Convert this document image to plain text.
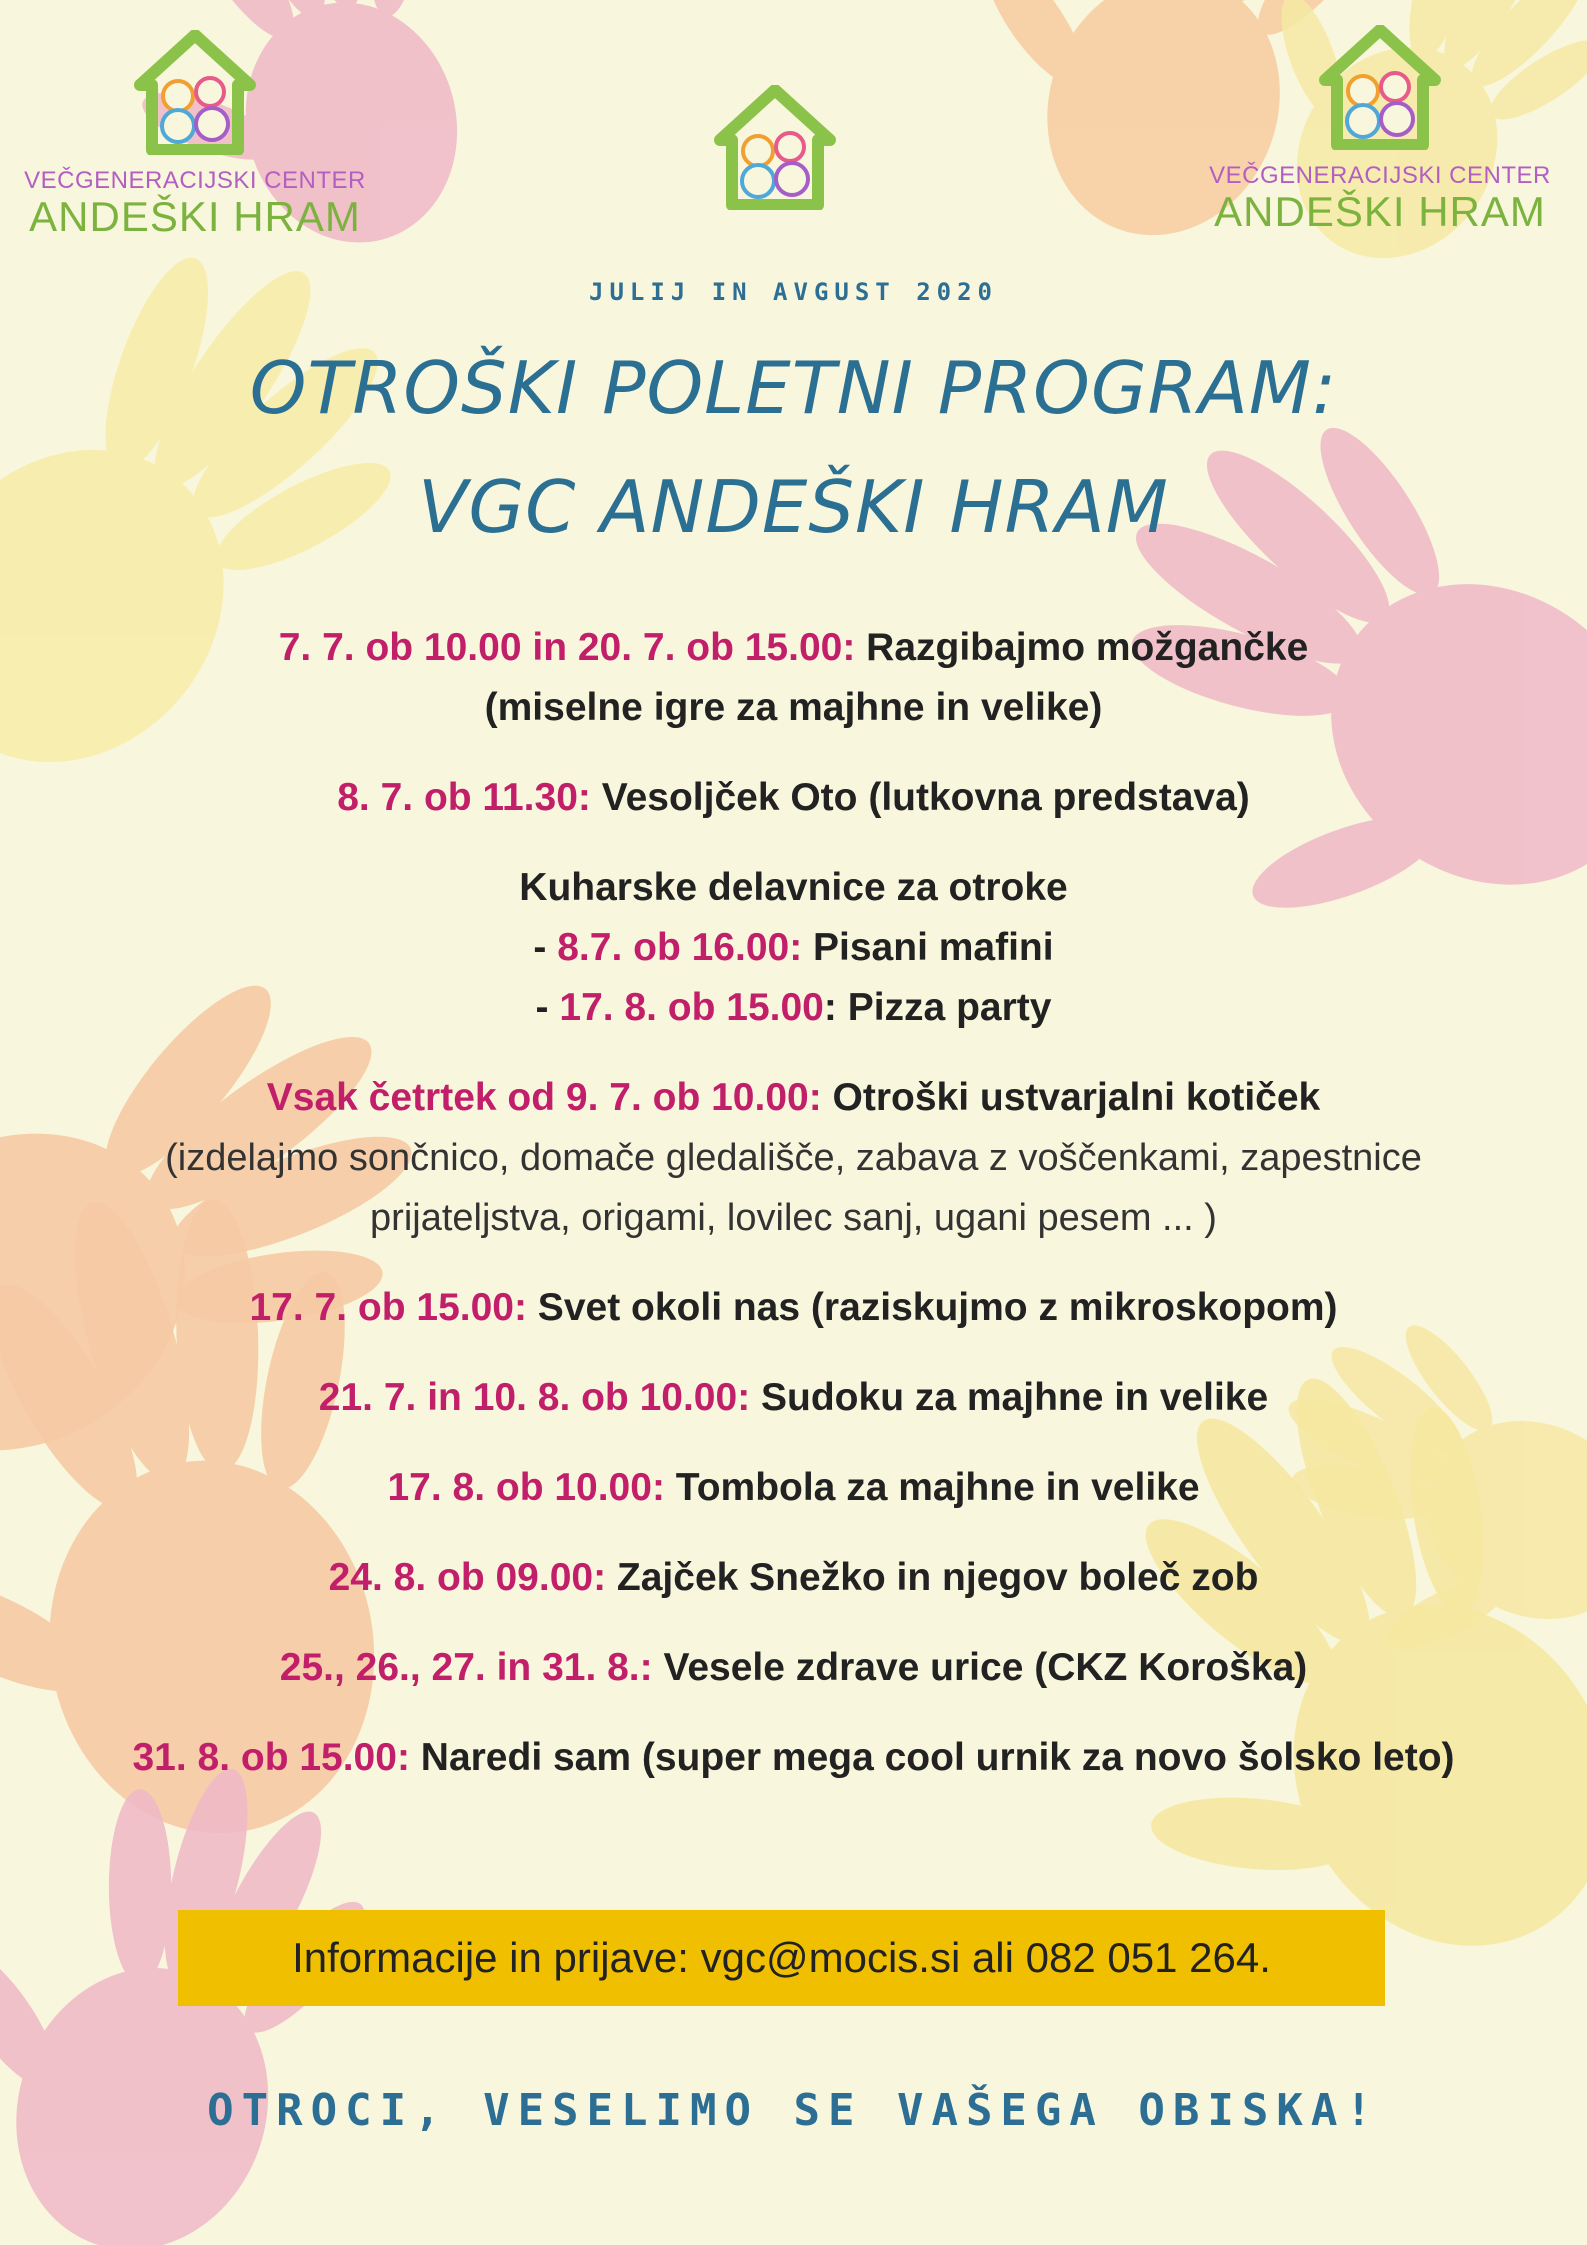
VEČGENERACIJSKI CENTER
ANDEŠKI HRAM
VEČGENERACIJSKI CENTER
ANDEŠKI HRAM
JULIJ IN AVGUST 2020
OTROŠKI POLETNI PROGRAM:
VGC ANDEŠKI HRAM
7. 7. ob 10.00 in 20. 7. ob 15.00: Razgibajmo možgančke
(miselne igre za majhne in velike)
8. 7. ob 11.30: Vesoljček Oto (lutkovna predstava)
Kuharske delavnice za otroke
- 8.7. ob 16.00: Pisani mafini
- 17. 8. ob 15.00: Pizza party
Vsak četrtek od 9. 7. ob 10.00: Otroški ustvarjalni kotiček
(izdelajmo sončnico, domače gledališče, zabava z voščenkami, zapestnice
prijateljstva, origami, lovilec sanj, ugani pesem ... )
17. 7. ob 15.00: Svet okoli nas (raziskujmo z mikroskopom)
21. 7. in 10. 8. ob 10.00: Sudoku za majhne in velike
17. 8. ob 10.00: Tombola za majhne in velike
24. 8. ob 09.00: Zajček Snežko in njegov boleč zob
25., 26., 27. in 31. 8.: Vesele zdrave urice (CKZ Koroška)
31. 8. ob 15.00: Naredi sam (super mega cool urnik za novo šolsko leto)
Informacije in prijave: vgc@mocis.si ali 082 051 264.
OTROCI, VESELIMO SE VAŠEGA OBISKA!
